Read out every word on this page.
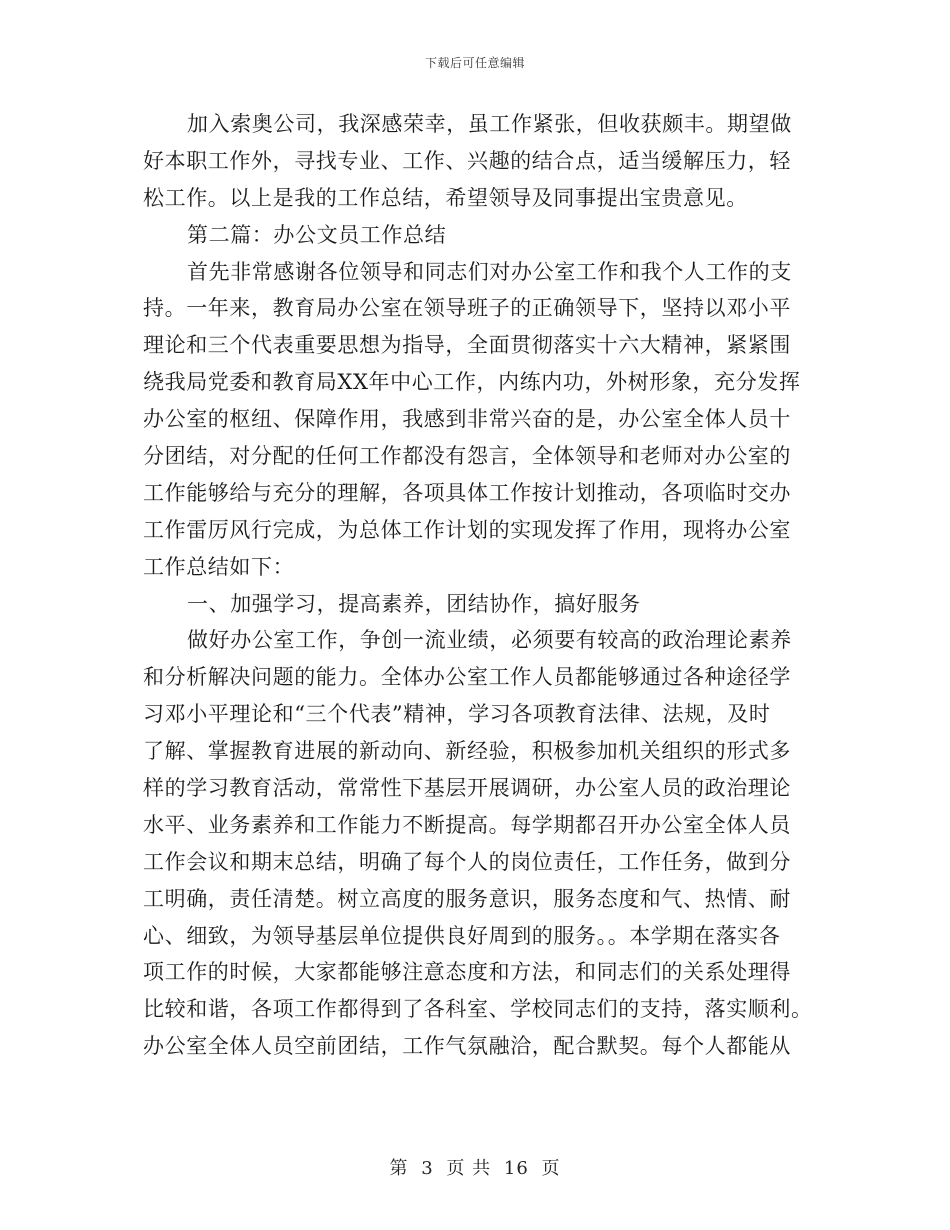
下载后可任意编辑
加入索奥公司，我深感荣幸，虽工作紧张，但收获颇丰。期望做
好本职工作外，寻找专业、工作、兴趣的结合点，适当缓解压力，轻
松工作。以上是我的工作总结，希望领导及同事提出宝贵意见。
第二篇：办公文员工作总结
首先非常感谢各位领导和同志们对办公室工作和我个人工作的支
持。一年来，教育局办公室在领导班子的正确领导下，坚持以邓小平
理论和三个代表重要思想为指导，全面贯彻落实十六大精神，紧紧围
绕我局党委和教育局XX年中心工作，内练内功，外树形象，充分发挥
办公室的枢纽、保障作用，我感到非常兴奋的是，办公室全体人员十
分团结，对分配的任何工作都没有怨言，全体领导和老师对办公室的
工作能够给与充分的理解，各项具体工作按计划推动，各项临时交办
工作雷厉风行完成，为总体工作计划的实现发挥了作用，现将办公室
工作总结如下：
一、加强学习，提高素养，团结协作，搞好服务
做好办公室工作，争创一流业绩，必须要有较高的政治理论素养
和分析解决问题的能力。全体办公室工作人员都能够通过各种途径学
习邓小平理论和“三个代表”精神，学习各项教育法律、法规，及时
了解、掌握教育进展的新动向、新经验，积极参加机关组织的形式多
样的学习教育活动，常常性下基层开展调研，办公室人员的政治理论
水平、业务素养和工作能力不断提高。每学期都召开办公室全体人员
工作会议和期末总结，明确了每个人的岗位责任，工作任务，做到分
工明确，责任清楚。树立高度的服务意识，服务态度和气、热情、耐
心、细致，为领导基层单位提供良好周到的服务。。本学期在落实各
项工作的时候，大家都能够注意态度和方法，和同志们的关系处理得
比较和谐，各项工作都得到了各科室、学校同志们的支持，落实顺利。
办公室全体人员空前团结，工作气氛融洽，配合默契。每个人都能从
第 3 页 共 16 页
